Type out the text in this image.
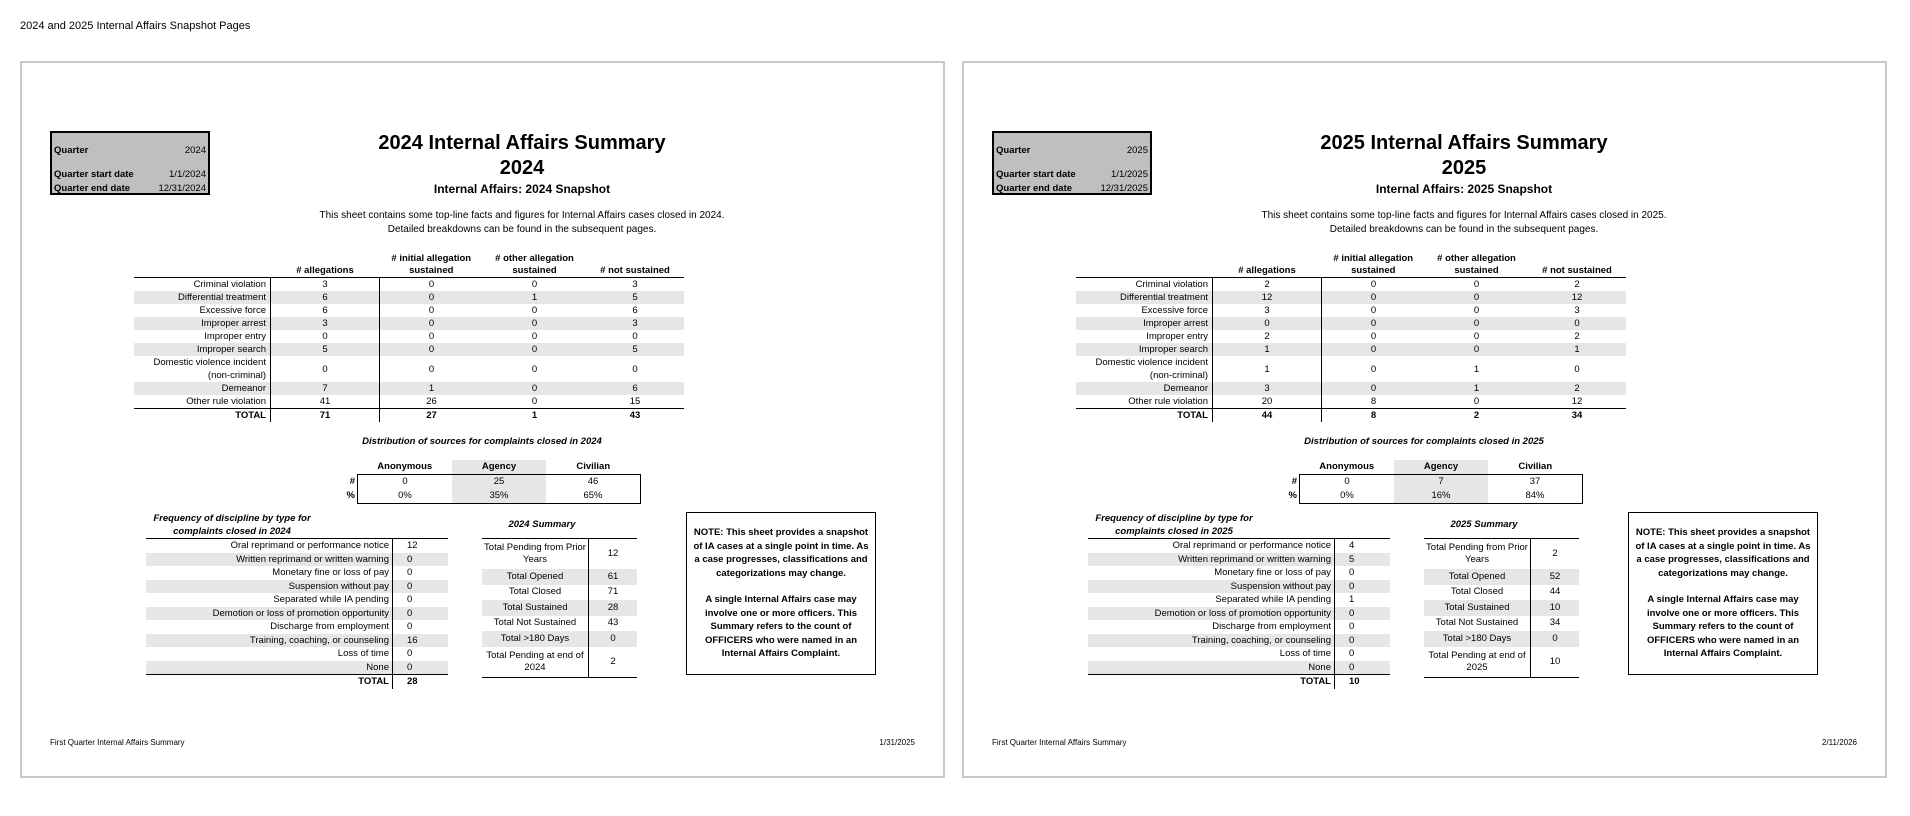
2024 and 2025 Internal Affairs Snapshot Pages
Quarter	2024
Quarter start date	1/1/2024
Quarter end date	12/31/2024
2024 Internal Affairs Summary
2024
Internal Affairs: 2024 Snapshot
This sheet contains some top-line facts and figures for Internal Affairs cases closed in 2024.
Detailed breakdowns can be found in the subsequent pages.
	# allegations	# initial allegation sustained	# other allegation sustained	# not sustained
Criminal violation	3	0	0	3
Differential treatment	6	0	1	5
Excessive force	6	0	0	6
Improper arrest	3	0	0	3
Improper entry	0	0	0	0
Improper search	5	0	0	5
Domestic violence incident (non-criminal)	0	0	0	0
Demeanor	7	1	0	6
Other rule violation	41	26	0	15
TOTAL	71	27	1	43
Distribution of sources for complaints closed in 2024
	Anonymous	Agency	Civilian
#	0	25	46
%	0%	35%	65%
Frequency of discipline by type for
complaints closed in 2024
Oral reprimand or performance notice	12
Written reprimand or written warning	0
Monetary fine or loss of pay	0
Suspension without pay	0
Separated while IA pending	0
Demotion or loss of promotion opportunity	0
Discharge from employment	0
Training, coaching, or counseling	16
Loss of time	0
None	0
TOTAL	28
2024 Summary
Total Pending from Prior Years	12
Total Opened	61
Total Closed	71
Total Sustained	28
Total Not Sustained	43
Total >180 Days	0
Total Pending at end of 2024	2

NOTE: This sheet provides a snapshot of IA cases at a single point in time. As a case progresses, classifications and categorizations may change.

A single Internal Affairs case may involve one or more officers. This Summary refers to the count of OFFICERS who were named in an Internal Affairs Complaint.

First Quarter Internal Affairs Summary	1/31/2025
Quarter	2025
Quarter start date	1/1/2025
Quarter end date	12/31/2025
2025 Internal Affairs Summary
2025
Internal Affairs: 2025 Snapshot
This sheet contains some top-line facts and figures for Internal Affairs cases closed in 2025.
Detailed breakdowns can be found in the subsequent pages.
	# allegations	# initial allegation sustained	# other allegation sustained	# not sustained
Criminal violation	2	0	0	2
Differential treatment	12	0	0	12
Excessive force	3	0	0	3
Improper arrest	0	0	0	0
Improper entry	2	0	0	2
Improper search	1	0	0	1
Domestic violence incident (non-criminal)	1	0	1	0
Demeanor	3	0	1	2
Other rule violation	20	8	0	12
TOTAL	44	8	2	34
Distribution of sources for complaints closed in 2025
	Anonymous	Agency	Civilian
#	0	7	37
%	0%	16%	84%
Frequency of discipline by type for
complaints closed in 2025
Oral reprimand or performance notice	4
Written reprimand or written warning	5
Monetary fine or loss of pay	0
Suspension without pay	0
Separated while IA pending	1
Demotion or loss of promotion opportunity	0
Discharge from employment	0
Training, coaching, or counseling	0
Loss of time	0
None	0
TOTAL	10
2025 Summary
Total Pending from Prior Years	2
Total Opened	52
Total Closed	44
Total Sustained	10
Total Not Sustained	34
Total >180 Days	0
Total Pending at end of 2025	10

NOTE: This sheet provides a snapshot of IA cases at a single point in time. As a case progresses, classifications and categorizations may change.

A single Internal Affairs case may involve one or more officers. This Summary refers to the count of OFFICERS who were named in an Internal Affairs Complaint.

First Quarter Internal Affairs Summary	2/11/2026
